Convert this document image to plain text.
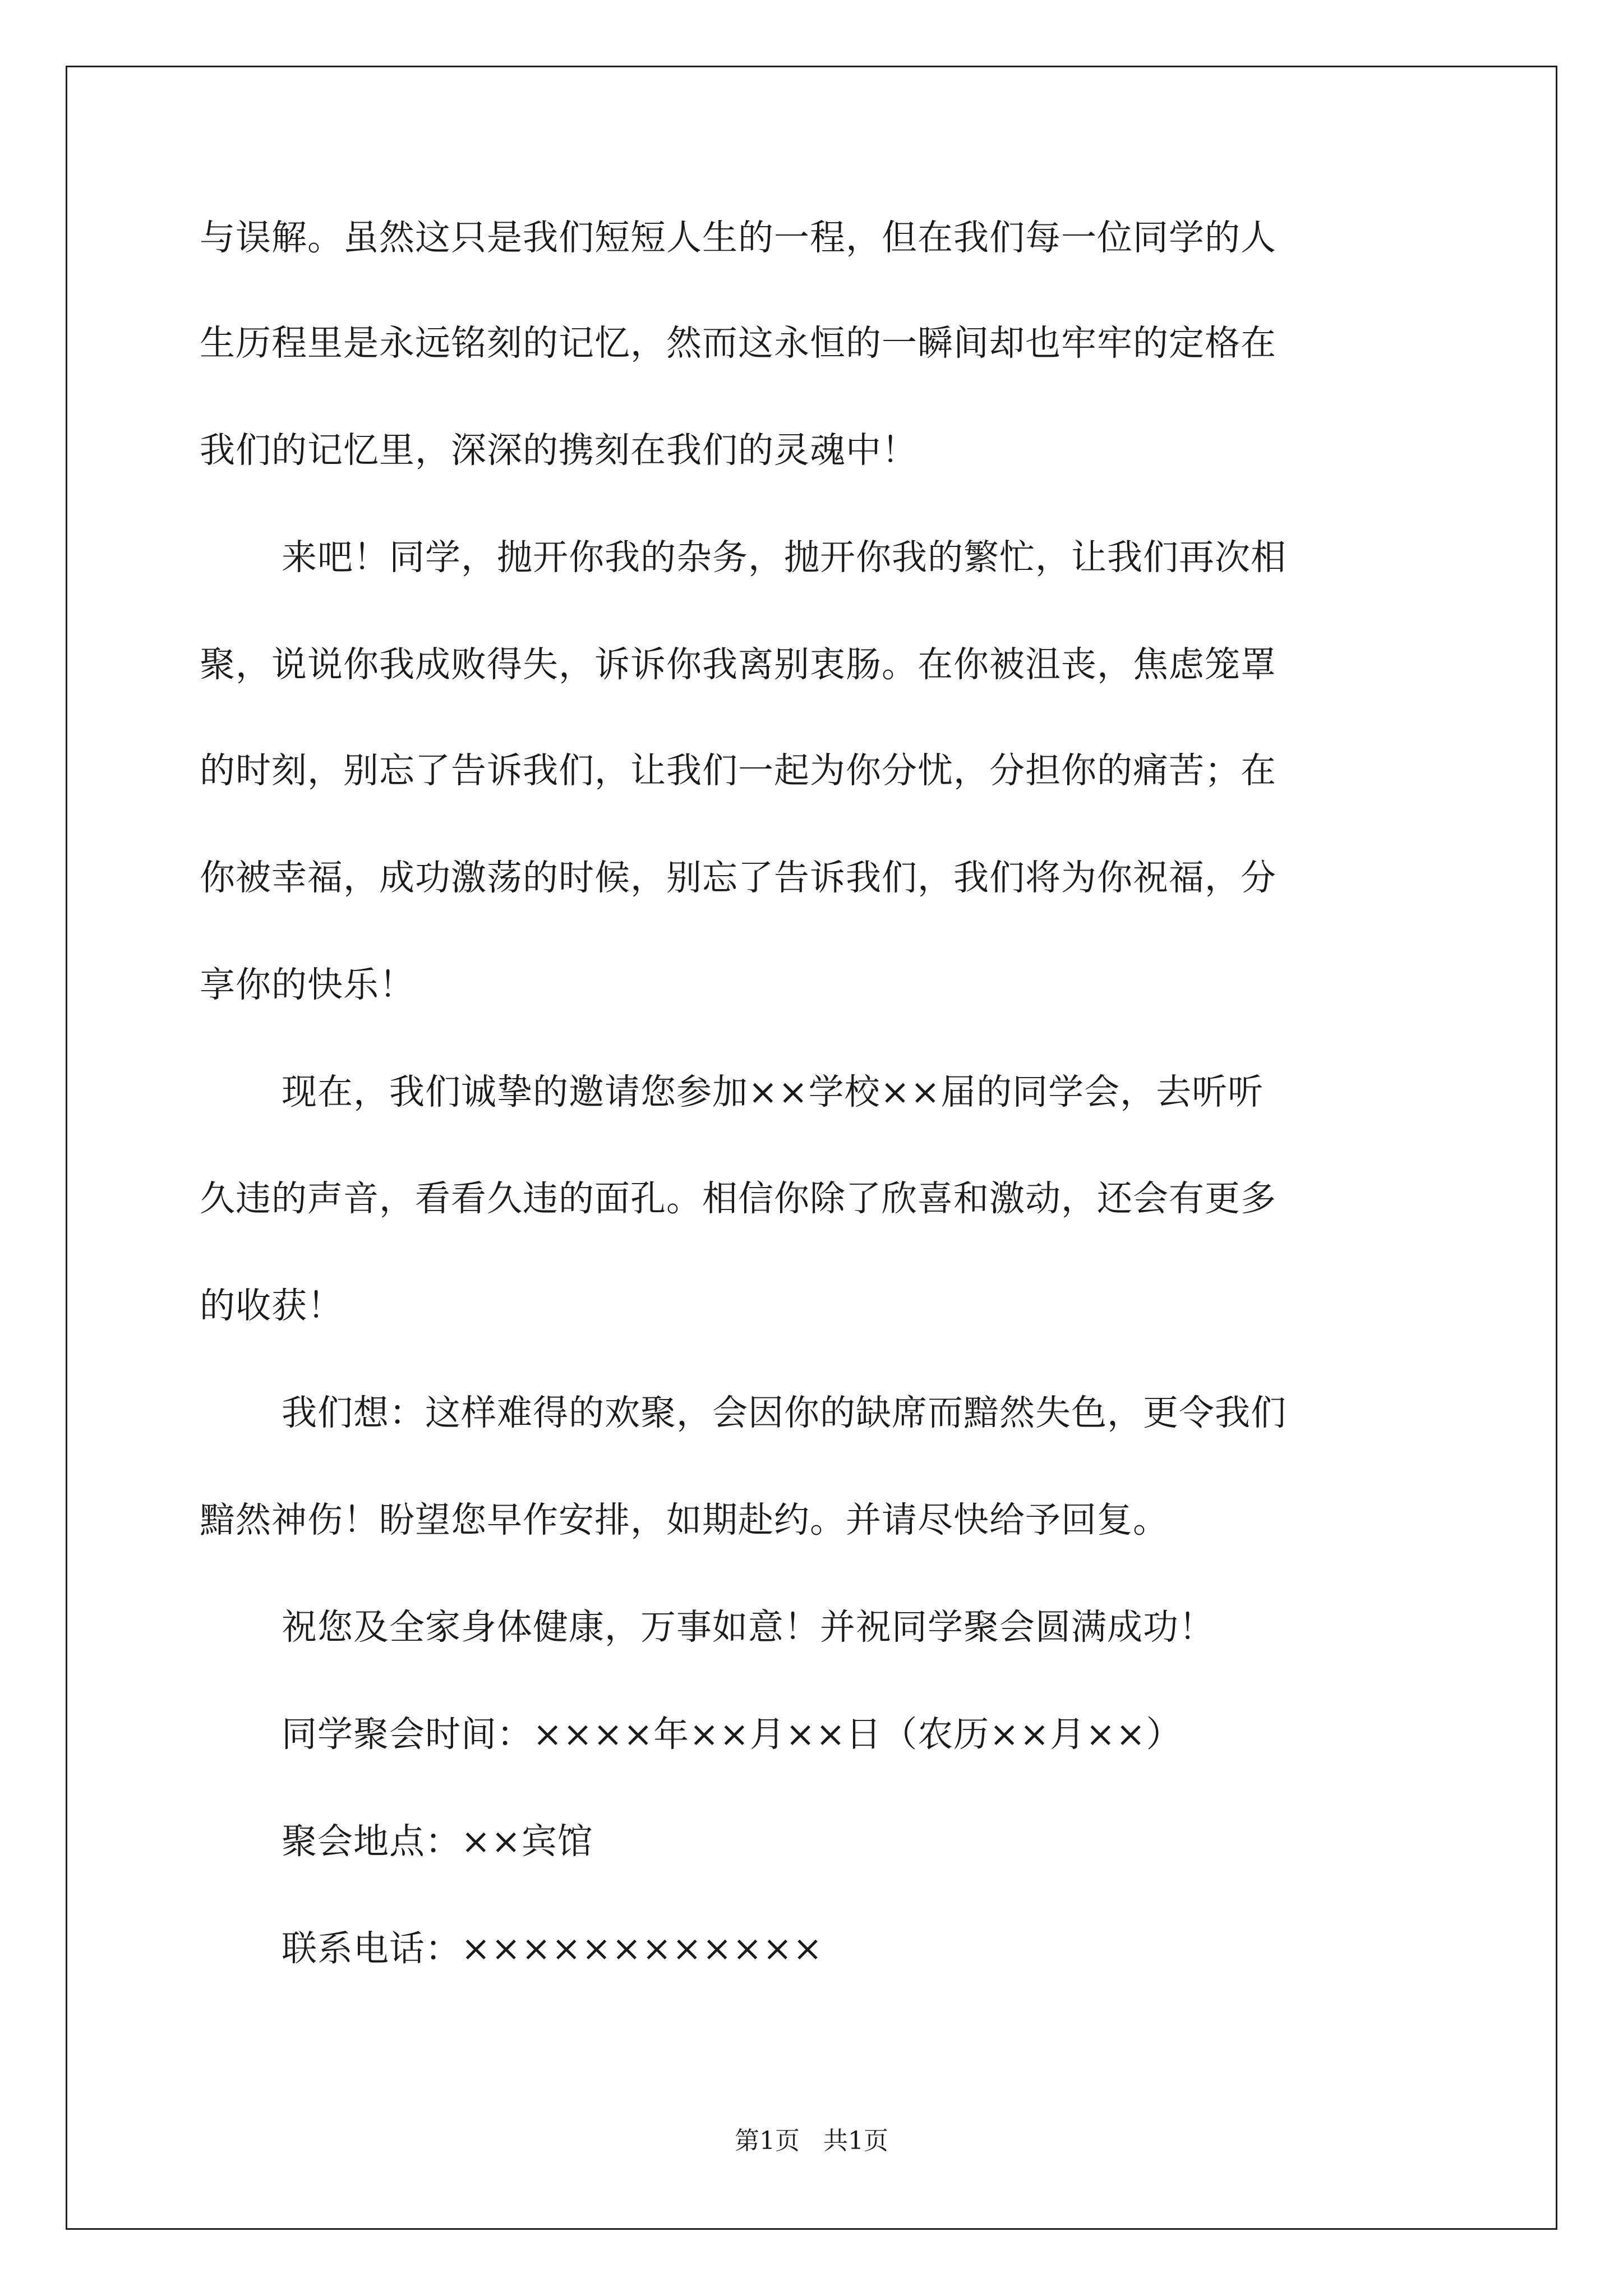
与误解。虽然这只是我们短短人生的一程，但在我们每一位同学的人

生历程里是永远铭刻的记忆，然而这永恒的一瞬间却也牢牢的定格在

我们的记忆里，深深的携刻在我们的灵魂中！

来吧！同学，抛开你我的杂务，抛开你我的繁忙，让我们再次相

聚，说说你我成败得失，诉诉你我离别衷肠。在你被沮丧，焦虑笼罩

的时刻，别忘了告诉我们，让我们一起为你分忧，分担你的痛苦；在

你被幸福，成功激荡的时候，别忘了告诉我们，我们将为你祝福，分

享你的快乐！

现在，我们诚挚的邀请您参加××学校××届的同学会，去听听

久违的声音，看看久违的面孔。相信你除了欣喜和激动，还会有更多

的收获！

我们想：这样难得的欢聚，会因你的缺席而黯然失色，更令我们

黯然神伤！盼望您早作安排，如期赴约。并请尽快给予回复。

祝您及全家身体健康，万事如意！并祝同学聚会圆满成功！

同学聚会时间：××××年××月××日（农历××月××）

聚会地点：××宾馆

联系电话：××××××××××××

第1页   共1页
